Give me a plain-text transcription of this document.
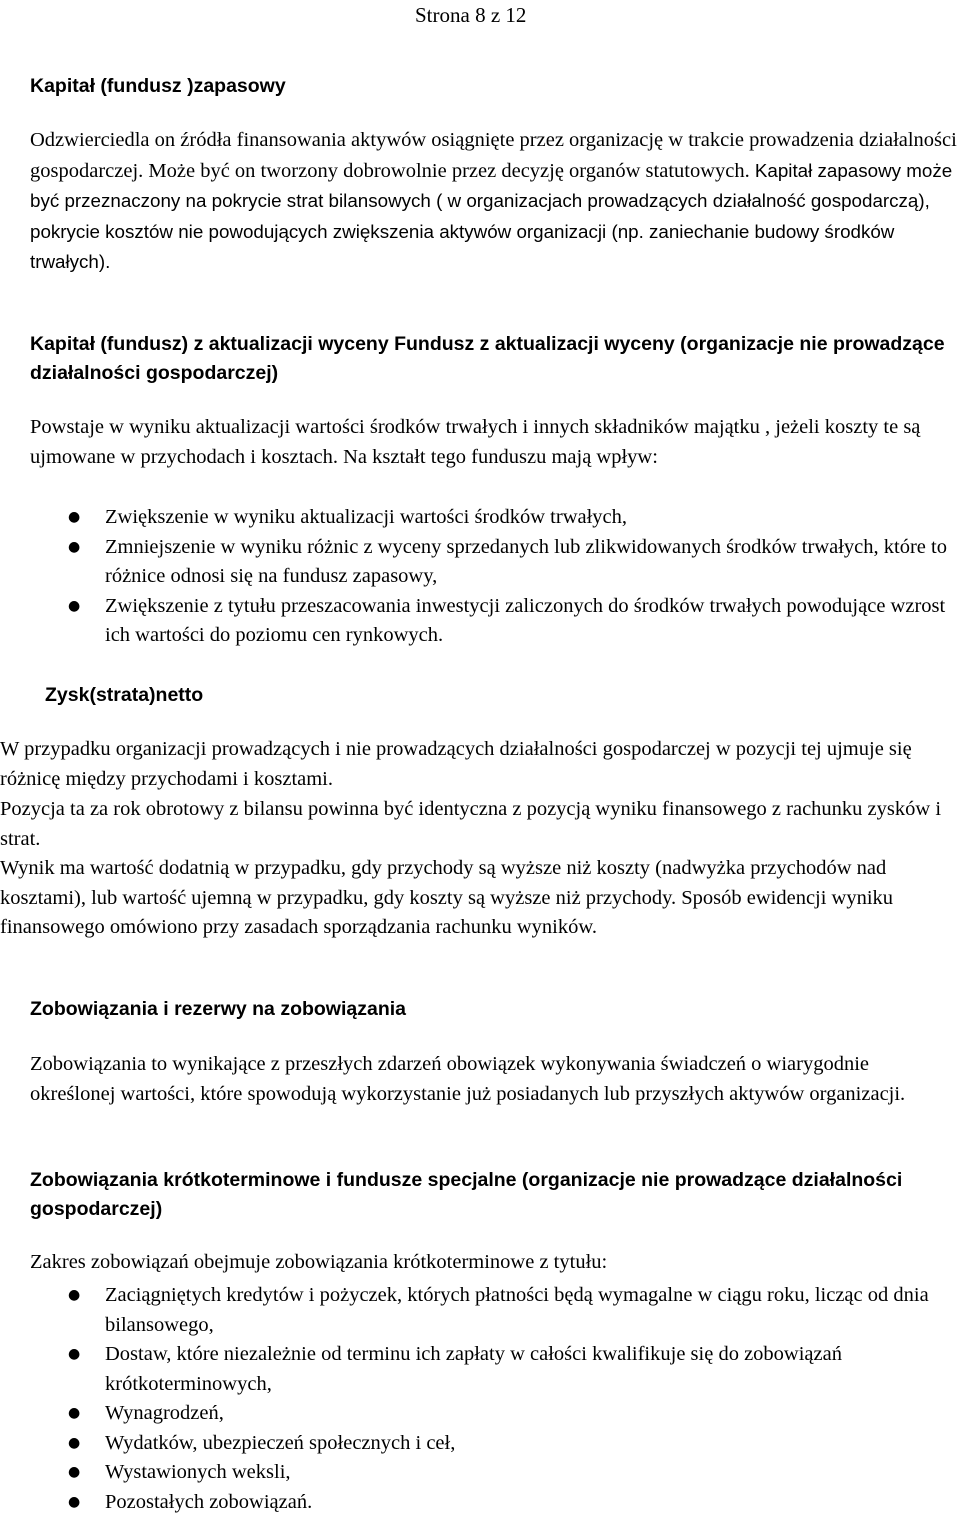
Strona 8 z 12
Kapitał (fundusz )zapasowy

Odzwierciedla on źródła finansowania aktywów osiągnięte przez organizację w trakcie prowadzenia działalności gospodarczej. Może być on tworzony dobrowolnie przez decyzję organów statutowych. Kapitał zapasowy może być przeznaczony na pokrycie strat bilansowych ( w organizacjach prowadzących działalność gospodarczą), pokrycie kosztów nie powodujących zwiększenia aktywów organizacji (np. zaniechanie budowy środków trwałych).

Kapitał (fundusz) z aktualizacji wyceny Fundusz z aktualizacji wyceny (organizacje nie prowadzące działalności gospodarczej)

Powstaje w wyniku aktualizacji wartości środków trwałych i innych składników majątku , jeżeli koszty te są ujmowane w przychodach i kosztach. Na kształt tego funduszu mają wpływ:

● Zwiększenie w wyniku aktualizacji wartości środków trwałych,
● Zmniejszenie w wyniku różnic z wyceny sprzedanych lub zlikwidowanych środków trwałych, które to różnice odnosi się na fundusz zapasowy,
● Zwiększenie z tytułu przeszacowania inwestycji zaliczonych do środków trwałych powodujące wzrost ich wartości do poziomu cen rynkowych.
Zysk(strata)netto

W przypadku organizacji prowadzących i nie prowadzących działalności gospodarczej w pozycji tej ujmuje się różnicę między przychodami i kosztami.

Pozycja ta za rok obrotowy z bilansu powinna być identyczna z pozycją wyniku finansowego z rachunku zysków i strat.

Wynik ma wartość dodatnią w przypadku, gdy przychody są wyższe niż koszty (nadwyżka przychodów nad kosztami), lub wartość ujemną w przypadku, gdy koszty są wyższe niż przychody. Sposób ewidencji wyniku finansowego omówiono przy zasadach sporządzania rachunku wyników.

Zobowiązania i rezerwy na zobowiązania

Zobowiązania to wynikające z przeszłych zdarzeń obowiązek wykonywania świadczeń o wiarygodnie określonej wartości, które spowodują wykorzystanie już posiadanych lub przyszłych aktywów organizacji.

Zobowiązania krótkoterminowe i fundusze specjalne (organizacje nie prowadzące działalności gospodarczej)

Zakres zobowiązań obejmuje zobowiązania krótkoterminowe z tytułu:

● Zaciągniętych kredytów i pożyczek, których płatności będą wymagalne w ciągu roku, licząc od dnia bilansowego,
● Dostaw, które niezależnie od terminu ich zapłaty w całości kwalifikuje się do zobowiązań krótkoterminowych,
● Wynagrodzeń,
● Wydatków, ubezpieczeń społecznych i ceł,
● Wystawionych weksli,
● Pozostałych zobowiązań.
